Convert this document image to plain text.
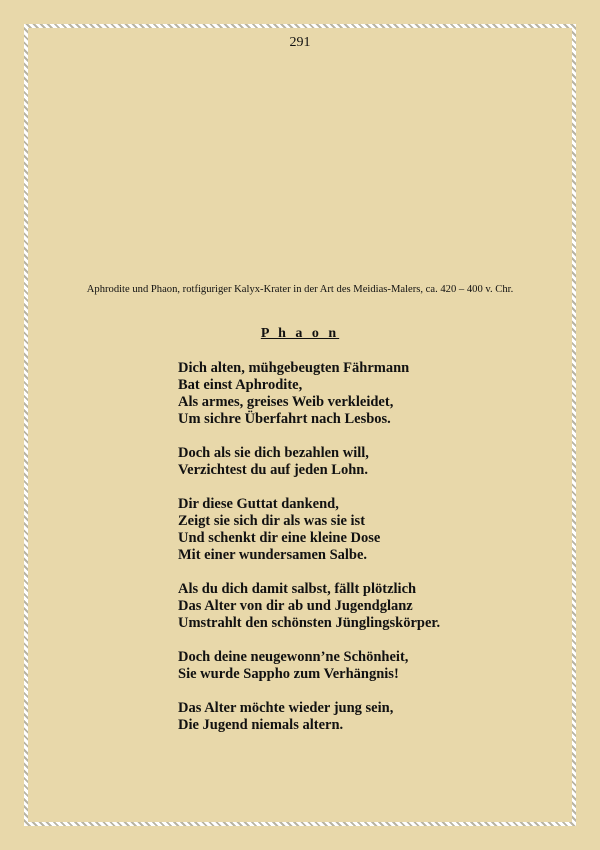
291
Aphrodite und Phaon, rotfiguriger Kalyx-Krater in der Art des Meidias-Malers, ca. 420 – 400 v. Chr.
P h a o n
Dich alten, mühgebeugten Fährmann
Bat einst Aphrodite,
Als armes, greises Weib verkleidet,
Um sichre Überfahrt nach Lesbos.
Doch als sie dich bezahlen will,
Verzichtest du auf jeden Lohn.
Dir diese Guttat dankend,
Zeigt sie sich dir als was sie ist
Und schenkt dir eine kleine Dose
Mit einer wundersamen Salbe.
Als du dich damit salbst, fällt plötzlich
Das Alter von dir ab und Jugendglanz
Umstrahlt den schönsten Jünglingskörper.
Doch deine neugewonn’ne Schönheit,
Sie wurde Sappho zum Verhängnis!
Das Alter möchte wieder jung sein,
Die Jugend niemals altern.
